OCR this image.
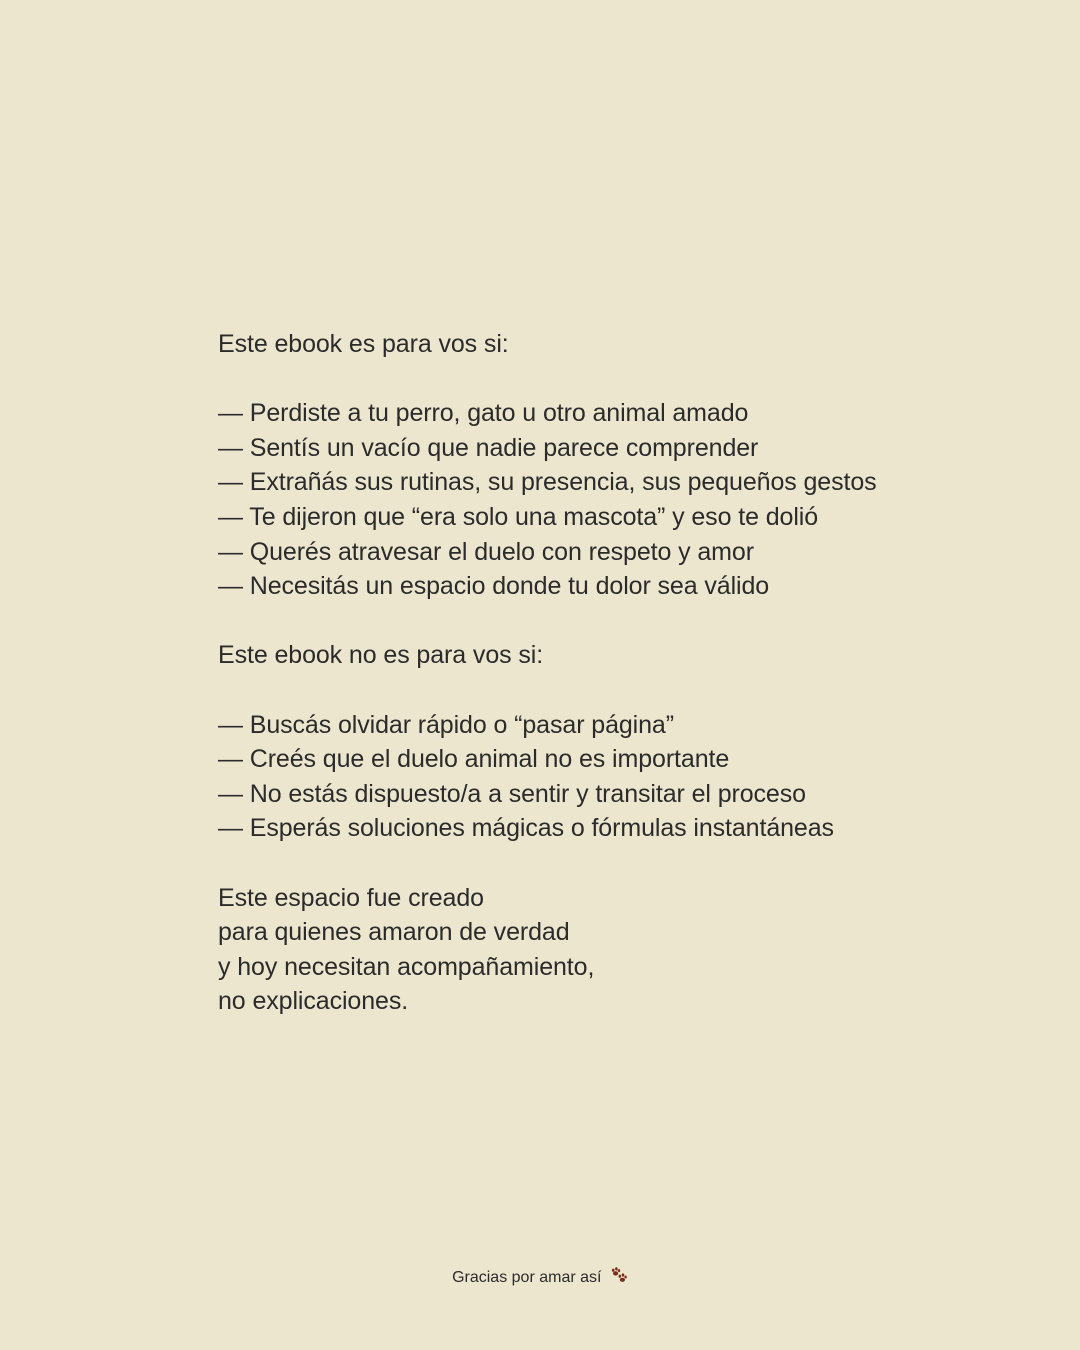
Este ebook es para vos si:

— Perdiste a tu perro, gato u otro animal amado

— Sentís un vacío que nadie parece comprender

— Extrañás sus rutinas, su presencia, sus pequeños gestos

— Te dijeron que “era solo una mascota” y eso te dolió

— Querés atravesar el duelo con respeto y amor

— Necesitás un espacio donde tu dolor sea válido

Este ebook no es para vos si:

— Buscás olvidar rápido o “pasar página”

— Creés que el duelo animal no es importante

— No estás dispuesto/a a sentir y transitar el proceso

— Esperás soluciones mágicas o fórmulas instantáneas

Este espacio fue creado

para quienes amaron de verdad

y hoy necesitan acompañamiento,

no explicaciones.

Gracias por amar así
